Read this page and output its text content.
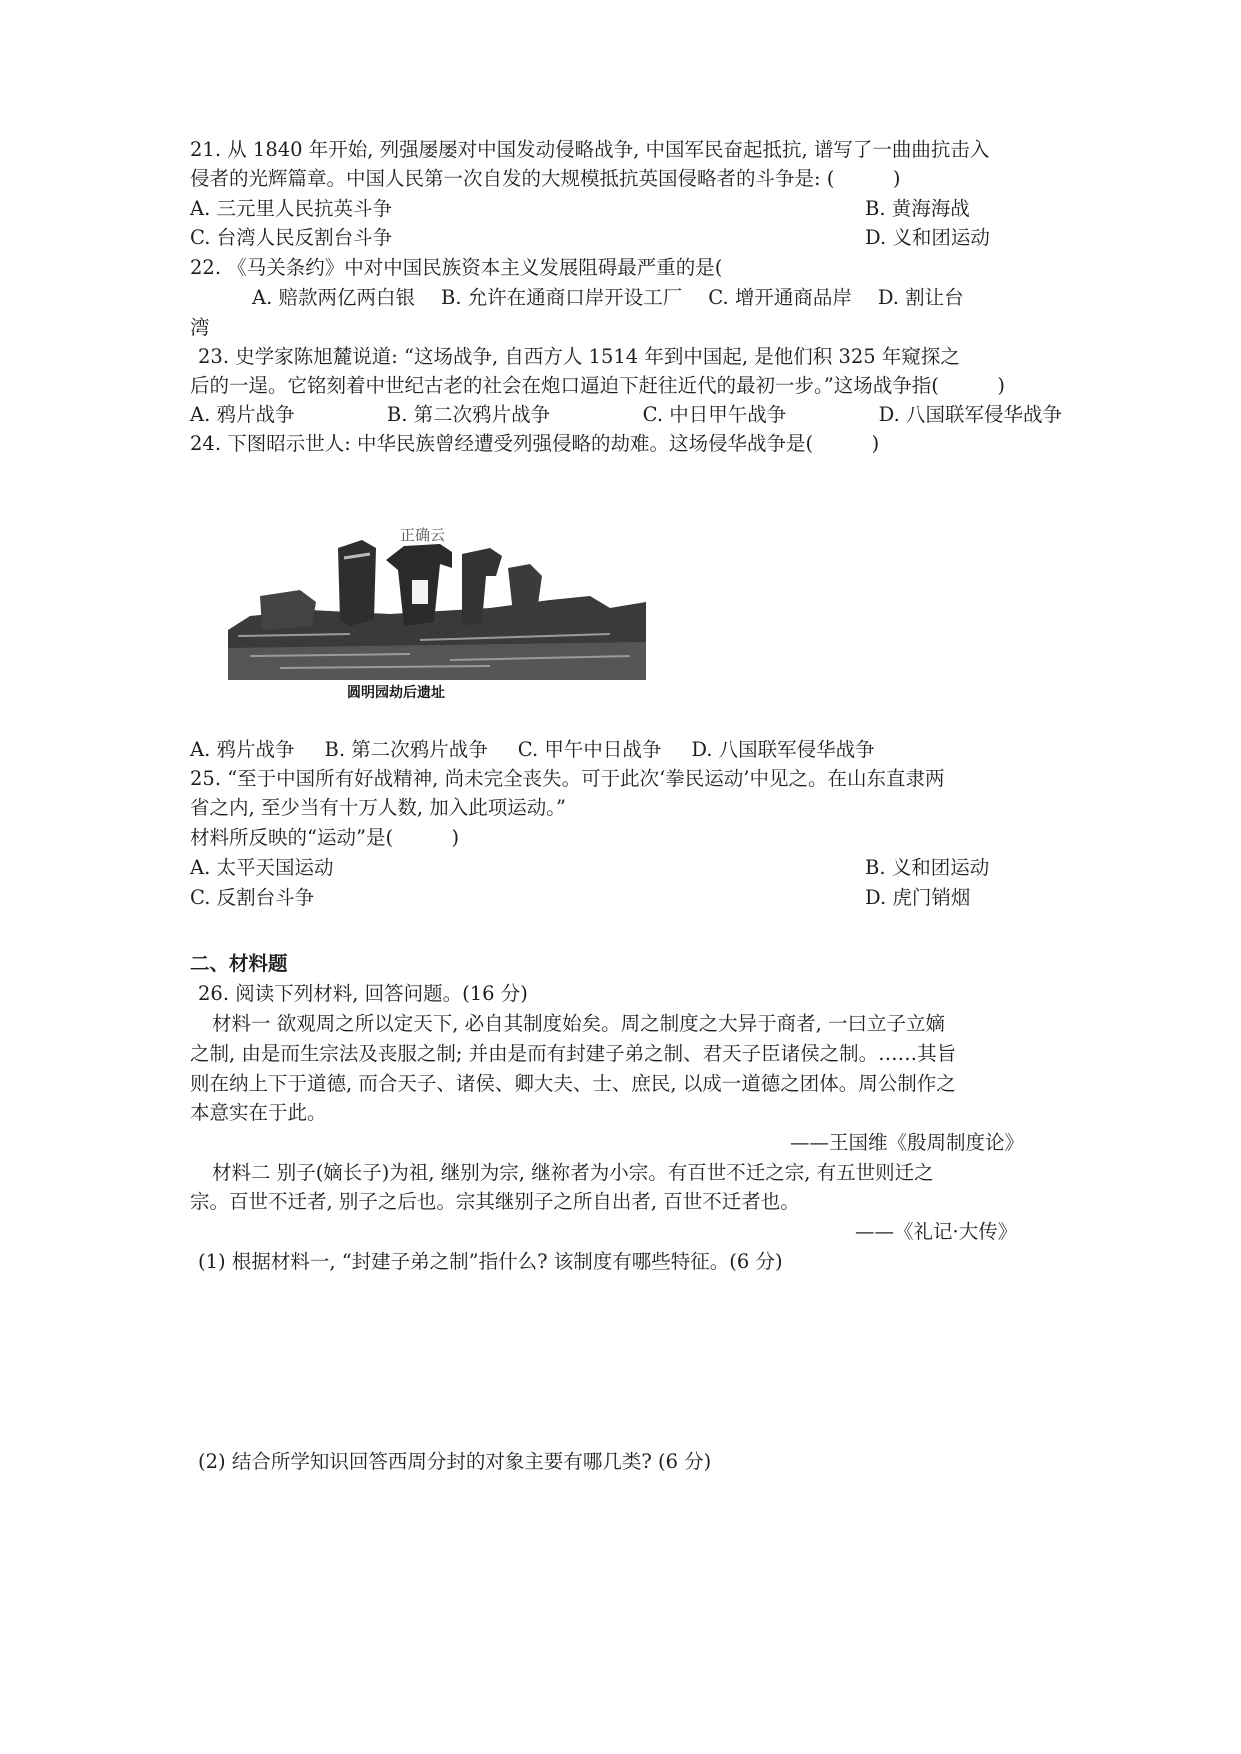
21. 从 1840 年开始, 列强屡屡对中国发动侵略战争, 中国军民奋起抵抗, 谱写了一曲曲抗击入
侵者的光辉篇章。中国人民第一次自发的大规模抵抗英国侵略者的斗争是: (　　　)
A. 三元里人民抗英斗争	B. 黄海海战
C. 台湾人民反割台斗争	D. 义和团运动
22. 《马关条约》中对中国民族资本主义发展阻碍最严重的是(
A. 赔款两亿两白银 B. 允许在通商口岸开设工厂 C. 增开通商品岸 D. 割让台
湾
23. 史学家陈旭麓说道: “这场战争, 自西方人 1514 年到中国起, 是他们积 325 年窥探之
后的一逞。它铭刻着中世纪古老的社会在炮口逼迫下赶往近代的最初一步。”这场战争指(　　　)
A. 鸦片战争	B. 第二次鸦片战争	C. 中日甲午战争	D. 八国联军侵华战争
24. 下图昭示世人: 中华民族曾经遭受列强侵略的劫难。这场侵华战争是(　　　)
正确云
圆明园劫后遗址
A. 鸦片战争 B. 第二次鸦片战争 C. 甲午中日战争 D. 八国联军侵华战争
25. “至于中国所有好战精神, 尚未完全丧失。可于此次‘拳民运动’中见之。在山东直隶两
省之内, 至少当有十万人数, 加入此项运动。”
材料所反映的“运动”是(　　　)
A. 太平天国运动	B. 义和团运动
C. 反割台斗争	D. 虎门销烟
二、材料题
26. 阅读下列材料, 回答问题。(16 分)
材料一 欲观周之所以定天下, 必自其制度始矣。周之制度之大异于商者, 一曰立子立嫡
之制, 由是而生宗法及丧服之制; 并由是而有封建子弟之制、君天子臣诸侯之制。……其旨
则在纳上下于道德, 而合天子、诸侯、卿大夫、士、庶民, 以成一道德之团体。周公制作之
本意实在于此。
——王国维《殷周制度论》
材料二 别子(嫡长子)为祖, 继别为宗, 继祢者为小宗。有百世不迁之宗, 有五世则迁之
宗。百世不迁者, 别子之后也。宗其继别子之所自出者, 百世不迁者也。
——《礼记·大传》
(1) 根据材料一, “封建子弟之制”指什么? 该制度有哪些特征。(6 分)
(2) 结合所学知识回答西周分封的对象主要有哪几类? (6 分)
